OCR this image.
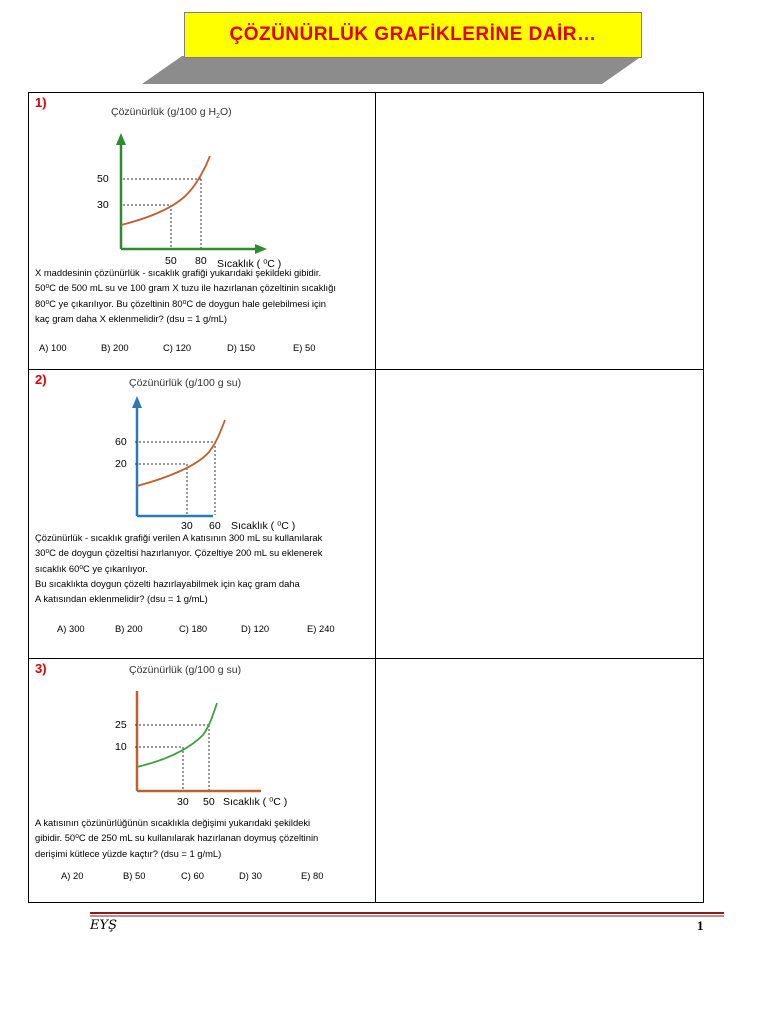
ÇÖZÜNÜRLÜK GRAFİKLERİNE DAİR…
1)
Çözünürlük (g/100 g $H_2O$)
50
30
50 80 Sıcaklık ( ⁰C )
X maddesinin çözünürlük - sıcaklık grafiği yukarıdaki şekildeki gibidir.
50⁰C de 500 mL su ve 100 gram X tuzu ile hazırlanan çözeltinin sıcaklığı
80⁰C ye çıkarılıyor. Bu çözeltinin 80⁰C de doygun hale gelebilmesi için
kaç gram daha X eklenmelidir? (dsu = 1 g/mL)
A) 100	B) 200	C) 120	D) 150	E) 50
2)	Çözünürlük (g/100 g su)
60
20
30 60 Sıcaklık ( ⁰C )
Çözünürlük - sıcaklık grafiği verilen A katısının 300 mL su kullanılarak
30⁰C de doygun çözeltisi hazırlanıyor. Çözeltiye 200 mL su eklenerek
sıcaklık 60⁰C ye çıkarılıyor.
Bu sıcaklıkta doygun çözelti hazırlayabilmek için kaç gram daha
A katısından eklenmelidir? (dsu = 1 g/mL)
A) 300	B) 200	C) 180	D) 120	E) 240
3)	Çözünürlük (g/100 g su)
25
10
30 50 Sıcaklık ( ⁰C )
A katısının çözünürlüğünün sıcaklıkla değişimi yukarıdaki şekildeki
gibidir. 50⁰C de 250 mL su kullanılarak hazırlanan doymuş çözeltinin
derişimi kütlece yüzde kaçtır? (dsu = 1 g/mL)
A) 20	B) 50	C) 60	D) 30	E) 80
EYŞ	1
